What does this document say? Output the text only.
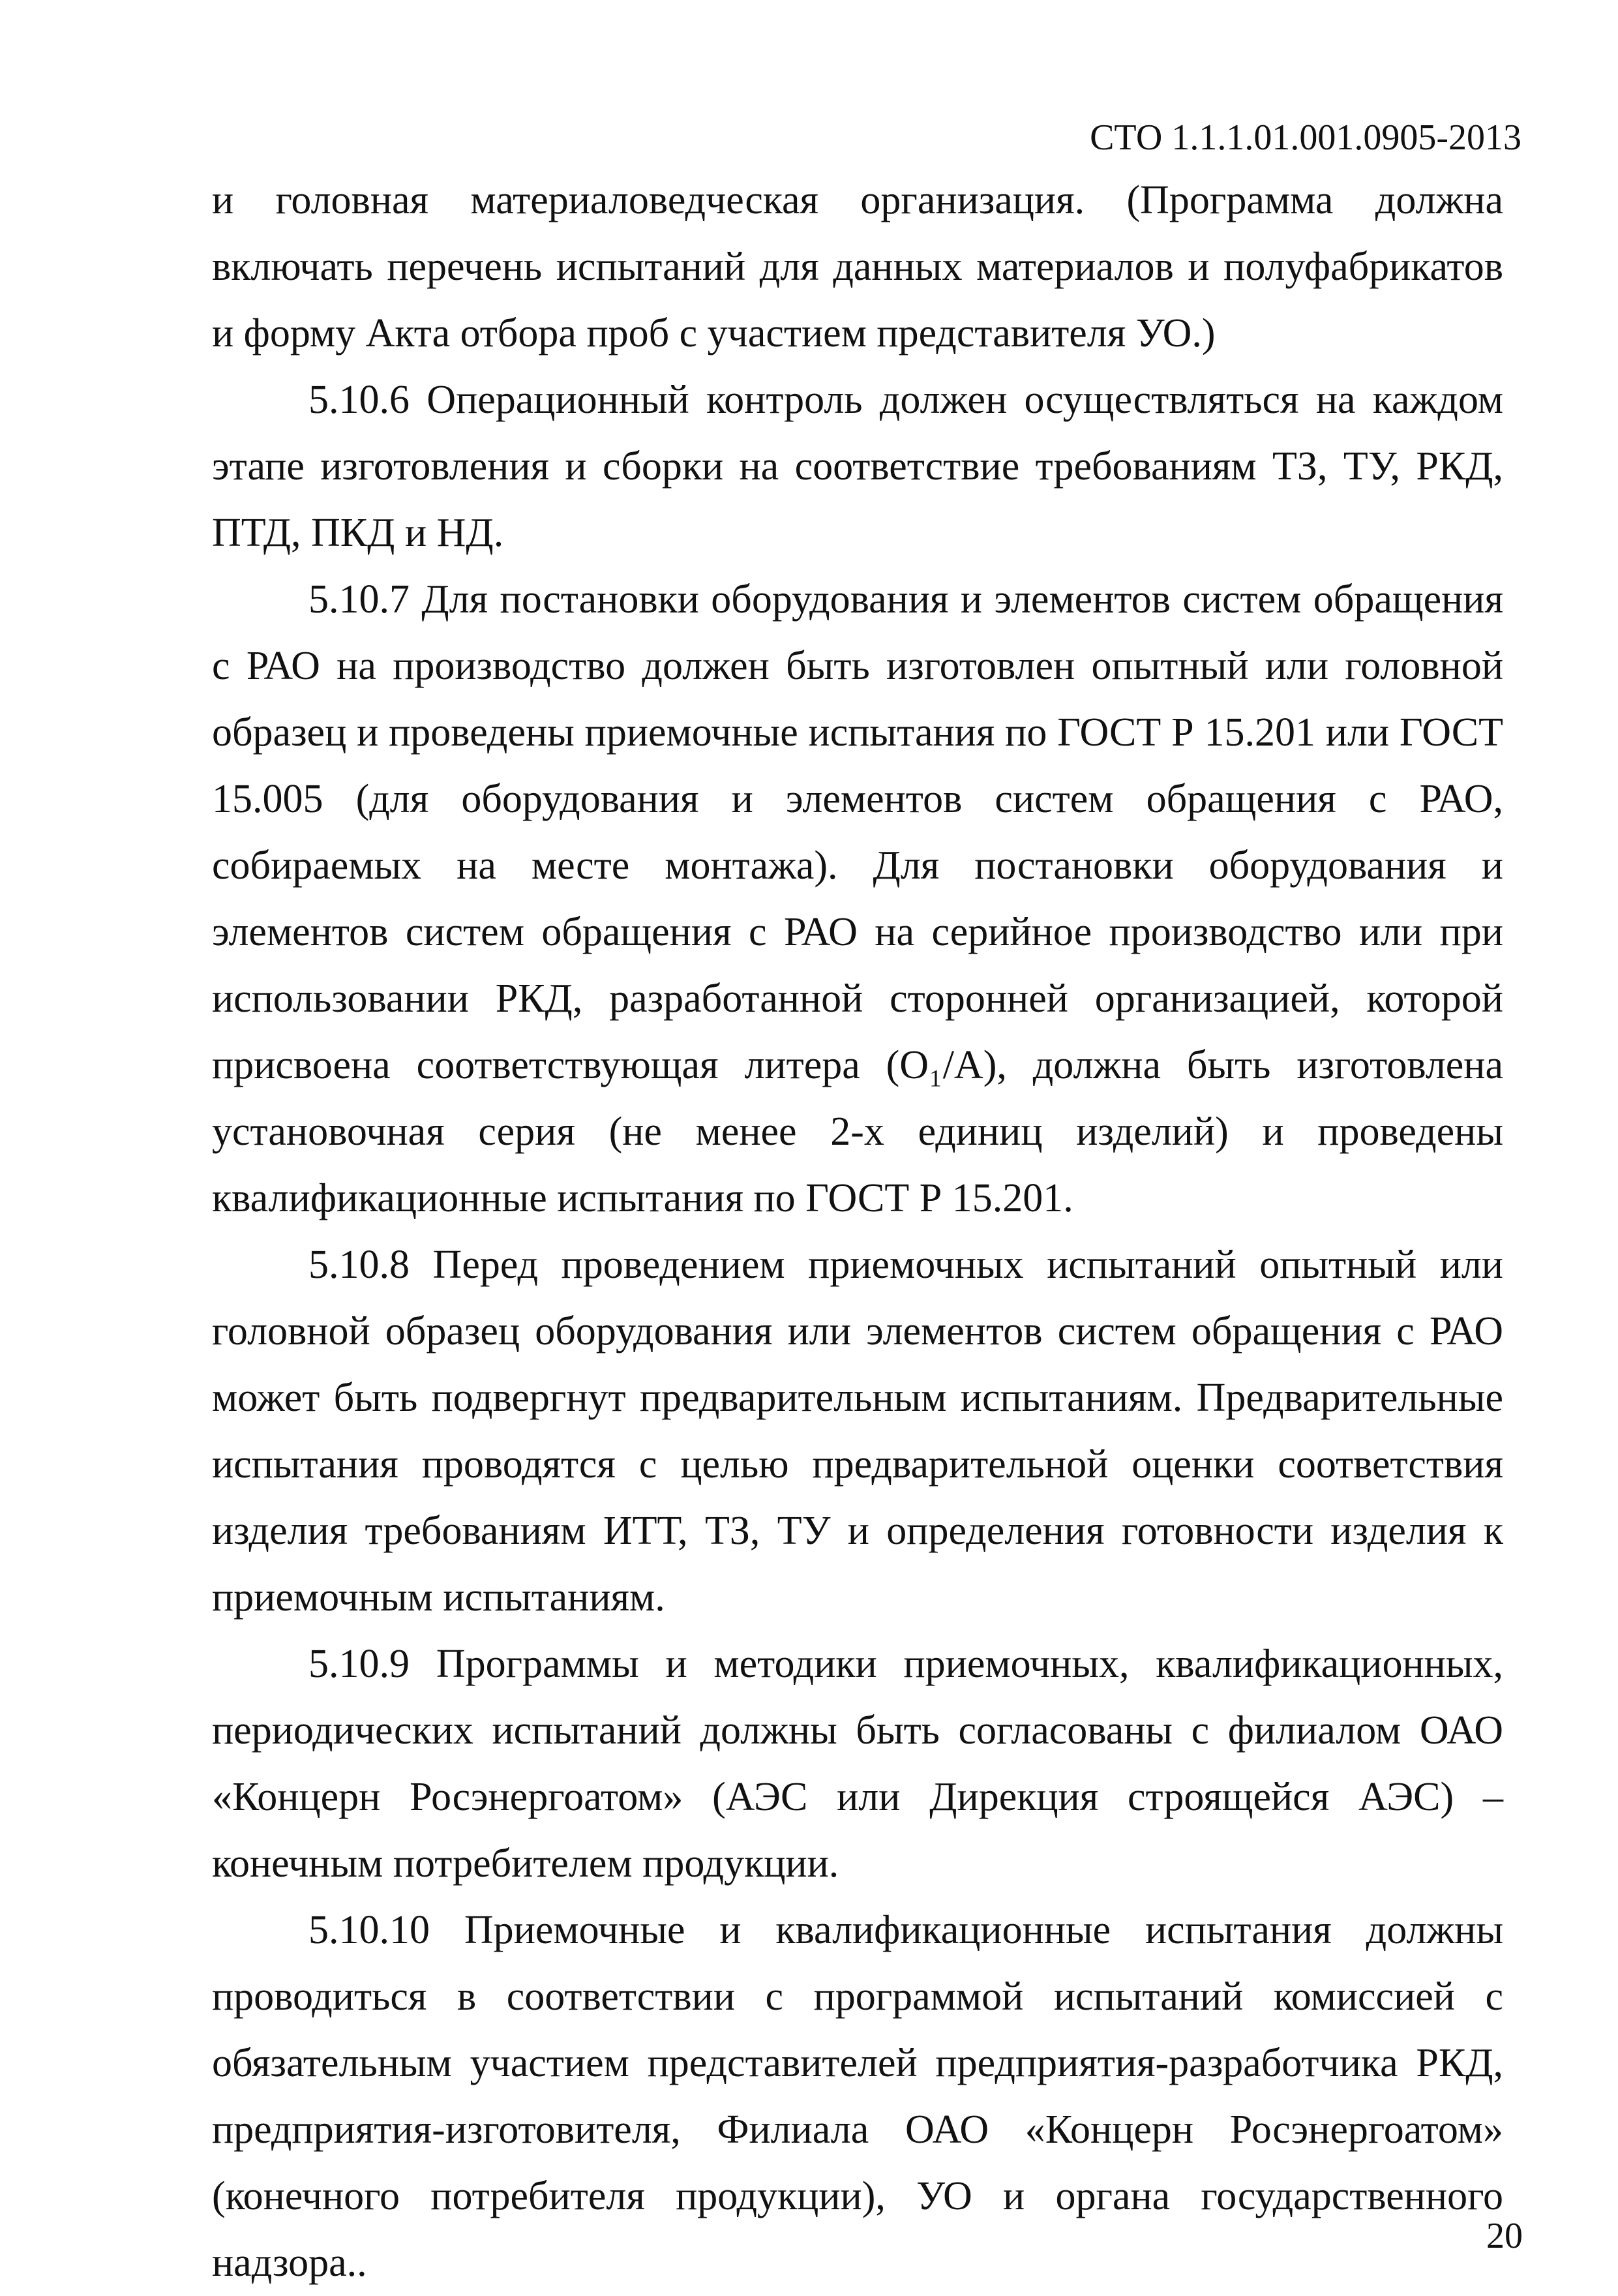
СТО 1.1.1.01.001.0905-2013

и головная материаловедческая организация. (Программа должна включать перечень испытаний для данных материалов и полуфабрикатов и форму Акта отбора проб с участием представителя УО.)

5.10.6 Операционный контроль должен осуществляться на каждом этапе изготовления и сборки на соответствие требованиям ТЗ, ТУ, РКД, ПТД, ПКД и НД.

5.10.7 Для постановки оборудования и элементов систем обращения с РАО на производство должен быть изготовлен опытный или головной образец и проведены приемочные испытания по ГОСТ Р 15.201 или ГОСТ 15.005 (для оборудования и элементов систем обращения с РАО, собираемых на месте монтажа). Для постановки оборудования и элементов систем обращения с РАО на серийное производство или при использовании РКД, разработанной сторонней организацией, которой присвоена соответствующая литера (О₁/А), должна быть изготовлена установочная серия (не менее 2-х единиц изделий) и проведены квалификационные испытания по ГОСТ Р 15.201.

5.10.8 Перед проведением приемочных испытаний опытный или головной образец оборудования или элементов систем обращения с РАО может быть подвергнут предварительным испытаниям. Предварительные испытания проводятся с целью предварительной оценки соответствия изделия требованиям ИТТ, ТЗ, ТУ и определения готовности изделия к приемочным испытаниям.

5.10.9 Программы и методики приемочных, квалификационных, периодических испытаний должны быть согласованы с филиалом ОАО «Концерн Росэнергоатом» (АЭС или Дирекция строящейся АЭС) – конечным потребителем продукции.

5.10.10 Приемочные и квалификационные испытания должны проводиться в соответствии с программой испытаний комиссией с обязательным участием представителей предприятия-разработчика РКД, предприятия-изготовителя, Филиала ОАО «Концерн Росэнергоатом» (конечного потребителя продукции), УО и органа государственного надзора..

20
